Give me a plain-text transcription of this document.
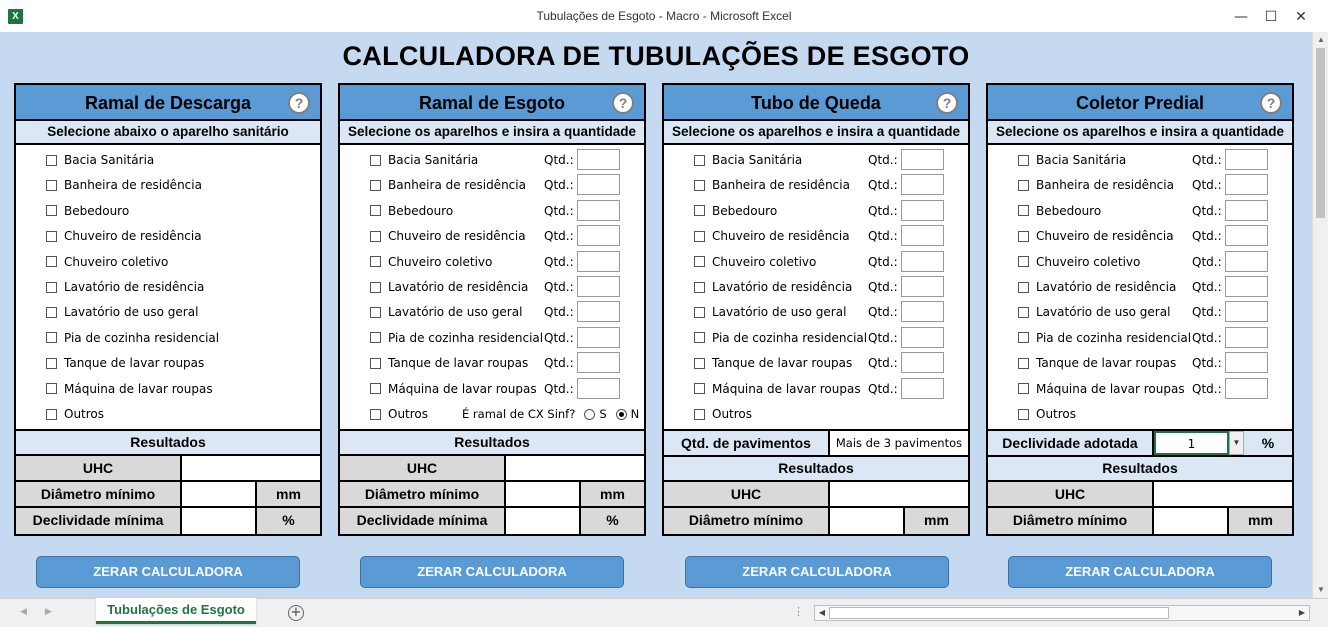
X	Tubulações de Esgoto - Macro - Microsoft Excel	—	☐	✕
CALCULADORA DE TUBULAÇÕES DE ESGOTO
Ramal de Descarga	?
Selecione abaixo o aparelho sanitário
Bacia Sanitária
Banheira de residência
Bebedouro
Chuveiro de residência
Chuveiro coletivo
Lavatório de residência
Lavatório de uso geral
Pia de cozinha residencial
Tanque de lavar roupas
Máquina de lavar roupas
Outros
Resultados
UHC
Diâmetro mínimo	mm
Declividade mínima	%
Ramal de Esgoto	?
Selecione os aparelhos e insira a quantidade
É ramal de CX Sinf? S N
Bacia Sanitária	Qtd.:
Banheira de residência Qtd.:
Bebedouro	Qtd.:
Chuveiro de residência Qtd.:
Chuveiro coletivo	Qtd.:
Lavatório de residência Qtd.:
Lavatório de uso geral Qtd.:
Pia de cozinha residencial Qtd.:
Tanque de lavar roupas Qtd.:
Máquina de lavar roupas Qtd.:
Outros
Resultados
UHC
Diâmetro mínimo	mm
Declividade mínima	%
Tubo de Queda	?
Selecione os aparelhos e insira a quantidade
Bacia Sanitária	Qtd.:
Banheira de residência Qtd.:
Bebedouro	Qtd.:
Chuveiro de residência Qtd.:
Chuveiro coletivo	Qtd.:
Lavatório de residência Qtd.:
Lavatório de uso geral Qtd.:
Pia de cozinha residencial Qtd.:
Tanque de lavar roupas Qtd.:
Máquina de lavar roupas Qtd.:
Outros
Qtd. de pavimentos	Mais de 3 pavimentos
Resultados
UHC
Diâmetro mínimo	mm
Coletor Predial	?
Selecione os aparelhos e insira a quantidade
Bacia Sanitária	Qtd.:
Banheira de residência Qtd.:
Bebedouro	Qtd.:
Chuveiro de residência Qtd.:
Chuveiro coletivo	Qtd.:
Lavatório de residência Qtd.:
Lavatório de uso geral Qtd.:
Pia de cozinha residencial Qtd.:
Tanque de lavar roupas Qtd.:
Máquina de lavar roupas Qtd.:
Outros
Declividade adotada	1	▼	%
Resultados
UHC
Diâmetro mínimo	mm
ZERAR CALCULADORA	ZERAR CALCULADORA	ZERAR CALCULADORA	ZERAR CALCULADORA
▲
▼
◀▶	Tubulações de Esgoto	+	⋮	◀	▶
